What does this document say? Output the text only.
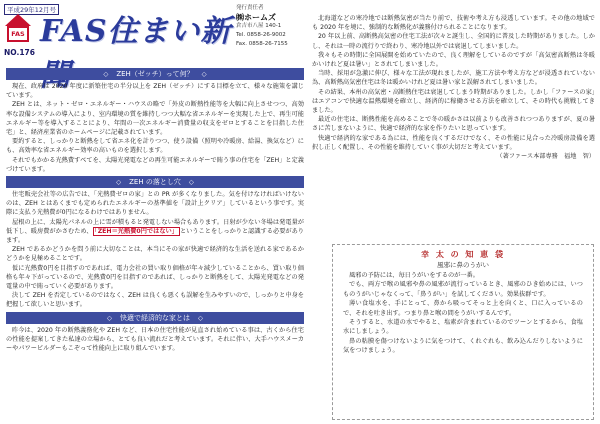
平成29年12月号
FAS
NO.176
FAS住まい新
発行責任者
㈱ホームズ
倉吉市八屋 140-1
Tel. 0858-26-9002
Fax. 0858-26-7155
◇ ZEH（ゼッチ）って何？ ◇

現在、政府は 2020 年度に新築住宅の半分以上を ZEH（ゼッチ）にする目標を立て、様々な施策を講じています。

ZEH とは、ネット・ゼロ・エネルギー・ハウスの略で「外皮の断熱性能等を大幅に向上させつつ、高効率な設備システムの導入により、室内環境の質を維持しつつ大幅な省エネルギーを実現した上で、再生可能エネルギー等を導入することにより、年間の一次エネルギー消費量の収支をゼロとすることを目指した住宅」と、経済産業省のホームページに記載されています。

要約すると、しっかりと断熱をして省エネ化を計りつつ、使う設備（照明や冷暖房、給湯、換気など）にも、高効率な省エネルギー効率の高いものを選択します。

それでもかかる光熱費すべてを、太陽光発電などの再生可能エネルギーで賄う事の住宅を「ZEH」と定義づけています。

◇ ZEH の落とし穴 ◇

住宅販売会社等の広告では、「光熱費ゼロの家」との PR が多くなりました。気を付けなければいけないのは、ZEH とはあくまでも定められたエネルギーの基準値を「設計上クリア」しているという事です。実際に支払う光熱費が0円になるわけではありません。

屋根の上に、太陽光パネルの上に雪が積もると発電しない場合もあります。日射が少ない冬場は発電量が低下し、暖房費がかさむため、 「ZEH＝光熱費0円ではない」 ということをしっかりと認識する必要があります。

ZEH であるかどうかを問う前に大切なことは、本当にその家が快適で経済的な生活を送れる家であるかどうかを見極めることです。

仮に光熱費0円を目指すのであれば、電力会社の買い取り価格が年々減少していることから、買い取り価格も年々下がっているので、光熱費0円を目指すのであれば、しっかりと断熱をして、太陽光発電などの発電量の中で賄っていく必要があります。

決して ZEH を否定しているのではなく、ZEH は良くも悪くも誤解を生みやすいので、しっかりと中身を把握して欲しいと思います。

◇ 快適で経済的な家とは ◇

昨今は、2020 年の断熱義務化や ZEH など、日本の住宅性能が見直され始めている事は、古くから住宅の性能を提案してきた私達の立場から、とても良い流れだと考えています。それに伴い、大手ハウスメーカーやパワービルダーもこぞって性能向上に取り組んでいます。

北海道などの寒冷地では断熱気密が当たり前で、技術や考え方も浸透しています。その他の地域でも 2020 年を境に、強制的な断熱化が義務付けられることになります。

20 年以上前、高断熱高気密の住宅工法が次々と誕生し、全国的に普及した時期がありました。しかし、それは一時の流行りで終わり、寒冷地以外では衰退してしまいました。

我々もその時期に全国展開を始めていたので、良く理解をしているのですが「高気密高断熱は冬暖かいけれど夏は暑い」とされてしまいました。

当時、採用が急激に伸び、様々な工法が現れましたが、施工方法や考え方などが浸透されていない為、高断熱高気密住宅は冬は暖かいけれど夏は暑い家と誤解されてしまいました。

その結果、本州の高気密・高断熱住宅は衰退してしまう時期がありました。しかし「ファースの家」はエアコンで快適な温熱環境を確立し、経済的に稼働させる方法を確立して、その時代も挑戦してきました。

最近の住宅は、断熱性能を高めることで冬の暖かさは以前よりも改善されつつありますが、夏の暑さに苦しまないように、快適で経済的な家を作りたいと思っています。

快適で経済的な家である為には、性能を良くするだけでなく、その性能に見合った冷暖房設備を選択し正しく配置し、その性能を維持していく事が大切だと考えています。

（著ファース本部専務　福地　智）
幸 太 の 知 恵 袋
風邪に鼻のうがい

風邪の予防には、毎日うがいをするのが一番。

でも、両方で喉の風邪や鼻の風邪が流行っているとき、風邪のひき始めには、いつものうがいじゃなくって、「鼻うがい」を試してください。効果抜群です。

薄い食塩水を、手にとって、鼻から吸ってそっと上を向くと、口に入っているので、それを吐き出す。つまり鼻と喉の間をうがいするんです。

そうすると、水道の水でやると、塩素が含まれているのでツーンとするから、食塩水にしましょう。

鼻の粘膜を傷つけないように気をつけて、くれぐれも、飲み込んだりしないように気をつけましょう。
